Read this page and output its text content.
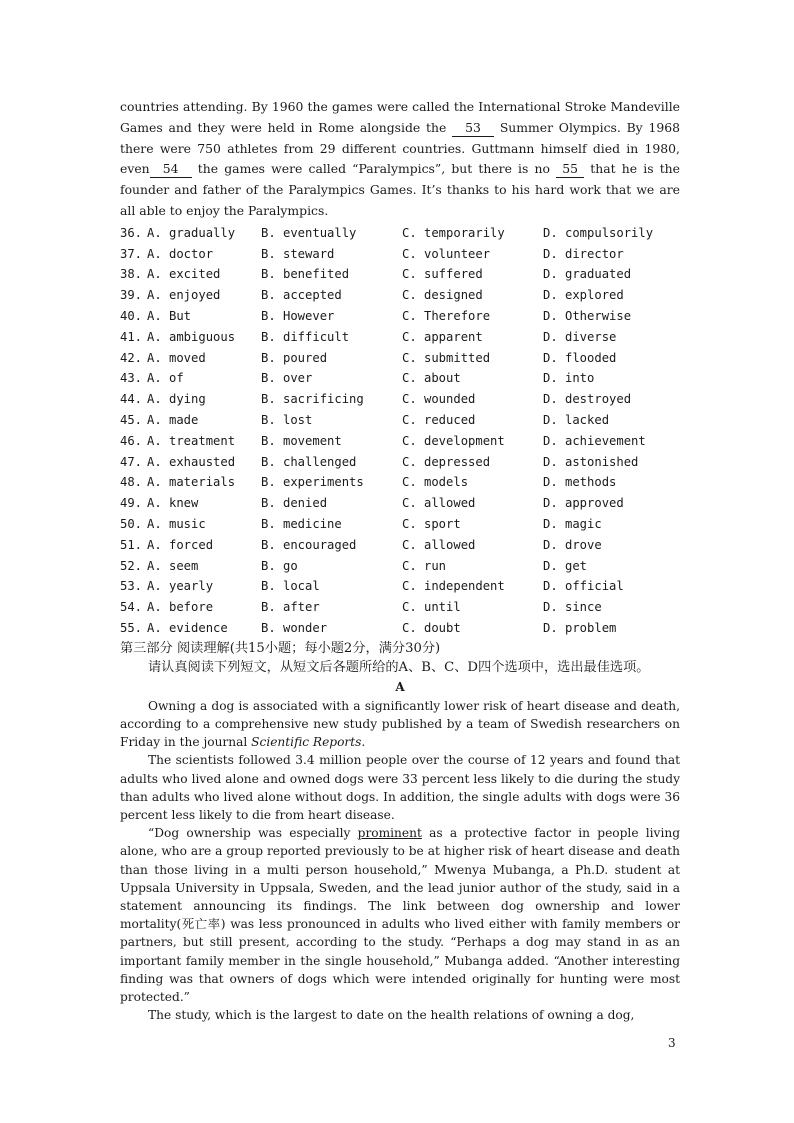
countries attending. By 1960 the games were called the International Stroke Mandeville Games and they were held in Rome alongside the 53 Summer Olympics. By 1968 there were 750 athletes from 29 different countries. Guttmann himself died in 1980, even 54 the games were called “Paralympics”, but there is no 55 that he is the founder and father of the Paralympics Games. It’s thanks to his hard work that we are all able to enjoy the Paralympics.

36. A. gradually	B. eventually	C. temporarily	D. compulsorily
37. A. doctor	B. steward	C. volunteer	D. director
38. A. excited	B. benefited	C. suffered	D. graduated
39. A. enjoyed	B. accepted	C. designed	D. explored
40. A. But	B. However	C. Therefore	D. Otherwise
41. A. ambiguous	B. difficult	C. apparent	D. diverse
42. A. moved	B. poured	C. submitted	D. flooded
43. A. of	B. over	C. about	D. into
44. A. dying	B. sacrificing	C. wounded	D. destroyed
45. A. made	B. lost	C. reduced	D. lacked
46. A. treatment	B. movement	C. development	D. achievement
47. A. exhausted	B. challenged	C. depressed	D. astonished
48. A. materials	B. experiments	C. models	D. methods
49. A. knew	B. denied	C. allowed	D. approved
50. A. music	B. medicine	C. sport	D. magic
51. A. forced	B. encouraged	C. allowed	D. drove
52. A. seem	B. go	C. run	D. get
53. A. yearly	B. local	C. independent	D. official
54. A. before	B. after	C. until	D. since
55. A. evidence	B. wonder	C. doubt	D. problem

第三部分 阅读理解(共15小题；每小题2分，满分30分)

请认真阅读下列短文，从短文后各题所给的A、B、C、D四个选项中，选出最佳选项。

A

Owning a dog is associated with a significantly lower risk of heart disease and death, according to a comprehensive new study published by a team of Swedish researchers on Friday in the journal Scientific Reports.

The scientists followed 3.4 million people over the course of 12 years and found that adults who lived alone and owned dogs were 33 percent less likely to die during the study than adults who lived alone without dogs. In addition, the single adults with dogs were 36 percent less likely to die from heart disease.

“Dog ownership was especially prominent as a protective factor in people living alone, who are a group reported previously to be at higher risk of heart disease and death than those living in a multi person household,” Mwenya Mubanga, a Ph.D. student at Uppsala University in Uppsala, Sweden, and the lead junior author of the study, said in a statement announcing its findings. The link between dog ownership and lower mortality(死亡率) was less pronounced in adults who lived either with family members or partners, but still present, according to the study. “Perhaps a dog may stand in as an important family member in the single household,” Mubanga added. “Another interesting finding was that owners of dogs which were intended originally for hunting were most protected.”

The study, which is the largest to date on the health relations of owning a dog,

3
